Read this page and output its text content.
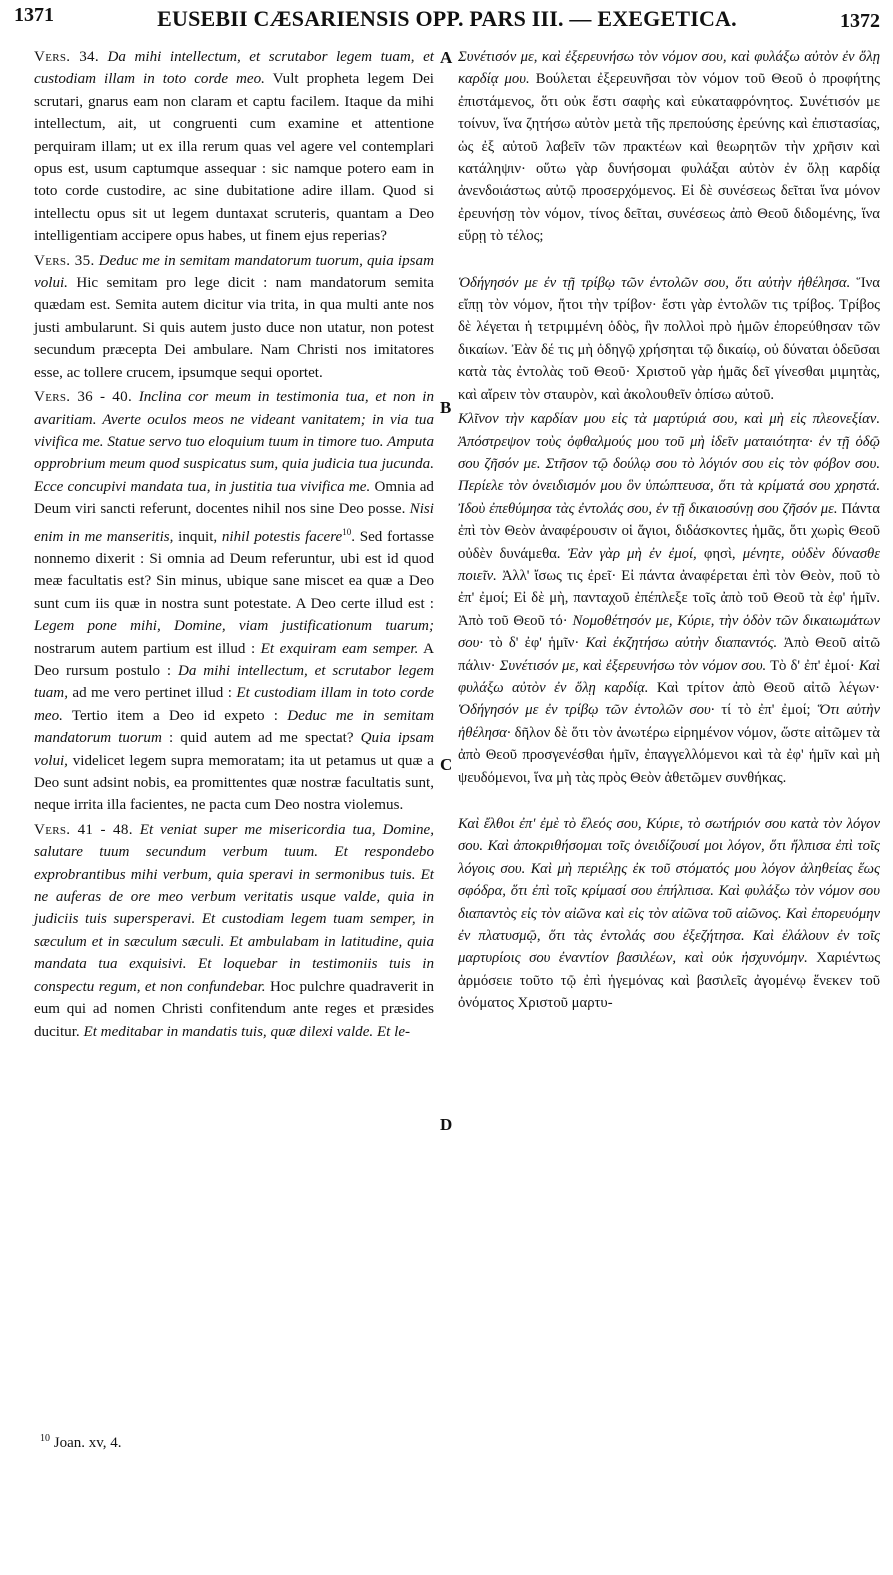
1371	EUSEBII CÆSARIENSIS OPP. PARS III. — EXEGETICA.	1372
A
B
C
D

Vers. 34. Da mihi intellectum, et scrutabor legem tuam, et custodiam illam in toto corde meo. Vult propheta legem Dei scrutari, gnarus eam non claram et captu facilem. Itaque da mihi intellectum, ait, ut congruenti cum examine et attentione perquiram illam; ut ex illa rerum quas vel agere vel contemplari opus est, usum captumque assequar : sic namque potero eam in toto corde custodire, ac sine dubitatione adire illam. Quod si intellectu opus sit ut legem duntaxat scruteris, quantam a Deo intelligentiam accipere opus habes, ut finem ejus reperias?

Vers. 35. Deduc me in semitam mandatorum tuorum, quia ipsam volui. Hic semitam pro lege dicit : nam mandatorum semita quædam est. Semita autem dicitur via trita, in qua multi ante nos justi ambularunt. Si quis autem justo duce non utatur, non potest secundum præcepta Dei ambulare. Nam Christi nos imitatores esse, ac tollere crucem, ipsumque sequi oportet.

Vers. 36 - 40. Inclina cor meum in testimonia tua, et non in avaritiam. Averte oculos meos ne videant vanitatem; in via tua vivifica me. Statue servo tuo eloquium tuum in timore tuo. Amputa opprobrium meum quod suspicatus sum, quia judicia tua jucunda. Ecce concupivi mandata tua, in justitia tua vivifica me. Omnia ad Deum viri sancti referunt, docentes nihil nos sine Deo posse. Nisi enim in me manseritis, inquit, nihil potestis facere$^{10}$. Sed fortasse nonnemo dixerit : Si omnia ad Deum referuntur, ubi est id quod meæ facultatis est? Sin minus, ubique sane miscet ea quæ a Deo sunt cum iis quæ in nostra sunt potestate. A Deo certe illud est : Legem pone mihi, Domine, viam justificationum tuarum; nostrarum autem partium est illud : Et exquiram eam semper. A Deo rursum postulo : Da mihi intellectum, et scrutabor legem tuam, ad me vero pertinet illud : Et custodiam illam in toto corde meo. Tertio item a Deo id expeto : Deduc me in semitam mandatorum tuorum : quid autem ad me spectat? Quia ipsam volui, videlicet legem supra memoratam; ita ut petamus ut quæ a Deo sunt adsint nobis, ea promittentes quæ nostræ facultatis sunt, neque irrita illa facientes, ne pacta cum Deo nostra violemus.

Vers. 41 - 48. Et veniat super me misericordia tua, Domine, salutare tuum secundum verbum tuum. Et respondebo exprobrantibus mihi verbum, quia speravi in sermonibus tuis. Et ne auferas de ore meo verbum veritatis usque valde, quia in judiciis tuis supersperavi. Et custodiam legem tuam semper, in sæculum et in sæculum sæculi. Et ambulabam in latitudine, quia mandata tua exquisivi. Et loquebar in testimoniis tuis in conspectu regum, et non confundebar. Hoc pulchre quadraverit in eum qui ad nomen Christi confitendum ante reges et præsides ducitur. Et meditabar in mandatis tuis, quæ dilexi valde. Et le-

Συνέτισόν με, καὶ ἐξερευνήσω τὸν νόμον σου, καὶ φυλάξω αὐτὸν ἐν ὅλῃ καρδίᾳ μου. Βούλεται ἐξερευνῆσαι τὸν νόμον τοῦ Θεοῦ ὁ προφήτης ἐπιστάμενος, ὅτι οὐκ ἔστι σαφὴς καὶ εὐκαταφρόνητος. Συνέτισόν με τοίνυν, ἵνα ζητήσω αὐτὸν μετὰ τῆς πρεπούσης ἐρεύνης καὶ ἐπιστασίας, ὡς ἐξ αὐτοῦ λαβεῖν τῶν πρακτέων καὶ θεωρητῶν τὴν χρῆσιν καὶ κατάληψιν· οὕτω γὰρ δυνήσομαι φυλάξαι αὐτὸν ἐν ὅλῃ καρδίᾳ ἀνενδοιάστως αὐτῷ προσερχόμενος. Εἰ δὲ συνέσεως δεῖται ἵνα μόνον ἐρευνήσῃ τὸν νόμον, τίνος δεῖται, συνέσεως ἀπὸ Θεοῦ διδομένης, ἵνα εὕρῃ τὸ τέλος;

Ὁδήγησόν με ἐν τῇ τρίβῳ τῶν ἐντολῶν σου, ὅτι αὐτὴν ἠθέλησα. Ἵνα εἴπῃ τὸν νόμον, ἤτοι τὴν τρίβον· ἔστι γὰρ ἐντολῶν τις τρίβος. Τρίβος δὲ λέγεται ἡ τετριμμένη ὁδὸς, ἣν πολλοὶ πρὸ ἡμῶν ἐπορεύθησαν τῶν δικαίων. Ἐὰν δέ τις μὴ ὁδηγῷ χρήσηται τῷ δικαίῳ, οὐ δύναται ὁδεῦσαι κατὰ τὰς ἐντολὰς τοῦ Θεοῦ· Χριστοῦ γὰρ ἡμᾶς δεῖ γίνεσθαι μιμητὰς, καὶ αἴρειν τὸν σταυρὸν, καὶ ἀκολουθεῖν ὀπίσω αὐτοῦ.

Κλῖνον τὴν καρδίαν μου εἰς τὰ μαρτύριά σου, καὶ μὴ εἰς πλεονεξίαν. Ἀπόστρεψον τοὺς ὀφθαλμούς μου τοῦ μὴ ἰδεῖν ματαιότητα· ἐν τῇ ὁδῷ σου ζῆσόν με. Στῆσον τῷ δούλῳ σου τὸ λόγιόν σου εἰς τὸν φόβον σου. Περίελε τὸν ὀνειδισμόν μου ὃν ὑπώπτευσα, ὅτι τὰ κρίματά σου χρηστά. Ἰδοὺ ἐπεθύμησα τὰς ἐντολάς σου, ἐν τῇ δικαιοσύνῃ σου ζῆσόν με. Πάντα ἐπὶ τὸν Θεὸν ἀναφέρουσιν οἱ ἅγιοι, διδάσκοντες ἡμᾶς, ὅτι χωρὶς Θεοῦ οὐδὲν δυνάμεθα. Ἐὰν γὰρ μὴ ἐν ἐμοί, φησὶ, μένητε, οὐδὲν δύνασθε ποιεῖν. Ἀλλ' ἴσως τις ἐρεῖ· Εἰ πάντα ἀναφέρεται ἐπὶ τὸν Θεὸν, ποῦ τὸ ἐπ' ἐμοί; Εἰ δὲ μὴ, πανταχοῦ ἐπέπλεξε τοῖς ἀπὸ τοῦ Θεοῦ τὰ ἐφ' ἡμῖν. Ἀπὸ τοῦ Θεοῦ τό· Νομοθέτησόν με, Κύριε, τὴν ὁδὸν τῶν δικαιωμάτων σου· τὸ δ' ἐφ' ἡμῖν· Καὶ ἐκζητήσω αὐτὴν διαπαντός. Ἀπὸ Θεοῦ αἰτῶ πάλιν· Συνέτισόν με, καὶ ἐξερευνήσω τὸν νόμον σου. Τὸ δ' ἐπ' ἐμοί· Καὶ φυλάξω αὐτὸν ἐν ὅλῃ καρδίᾳ. Καὶ τρίτον ἀπὸ Θεοῦ αἰτῶ λέγων· Ὁδήγησόν με ἐν τρίβῳ τῶν ἐντολῶν σου· τί τὸ ἐπ' ἐμοί; Ὅτι αὐτὴν ἠθέλησα· δῆλον δὲ ὅτι τὸν ἀνωτέρω εἰρημένον νόμον, ὥστε αἰτῶμεν τὰ ἀπὸ Θεοῦ προσγενέσθαι ἡμῖν, ἐπαγγελλόμενοι καὶ τὰ ἐφ' ἡμῖν καὶ μὴ ψευδόμενοι, ἵνα μὴ τὰς πρὸς Θεὸν ἀθετῶμεν συνθήκας.

Καὶ ἔλθοι ἐπ' ἐμὲ τὸ ἔλεός σου, Κύριε, τὸ σωτήριόν σου κατὰ τὸν λόγον σου. Καὶ ἀποκριθήσομαι τοῖς ὀνειδίζουσί μοι λόγον, ὅτι ἤλπισα ἐπὶ τοῖς λόγοις σου. Καὶ μὴ περιέλῃς ἐκ τοῦ στόματός μου λόγον ἀληθείας ἕως σφόδρα, ὅτι ἐπὶ τοῖς κρίμασί σου ἐπήλπισα. Καὶ φυλάξω τὸν νόμον σου διαπαντὸς εἰς τὸν αἰῶνα καὶ εἰς τὸν αἰῶνα τοῦ αἰῶνος. Καὶ ἐπορευόμην ἐν πλατυσμῷ, ὅτι τὰς ἐντολάς σου ἐξεζήτησα. Καὶ ἐλάλουν ἐν τοῖς μαρτυρίοις σου ἐναντίον βασιλέων, καὶ οὐκ ἠσχυνόμην. Χαριέντως ἁρμόσειε τοῦτο τῷ ἐπὶ ἡγεμόνας καὶ βασιλεῖς ἀγομένῳ ἕνεκεν τοῦ ὀνόματος Χριστοῦ μαρτυ-

$^{10}$ Joan. xv, 4.
